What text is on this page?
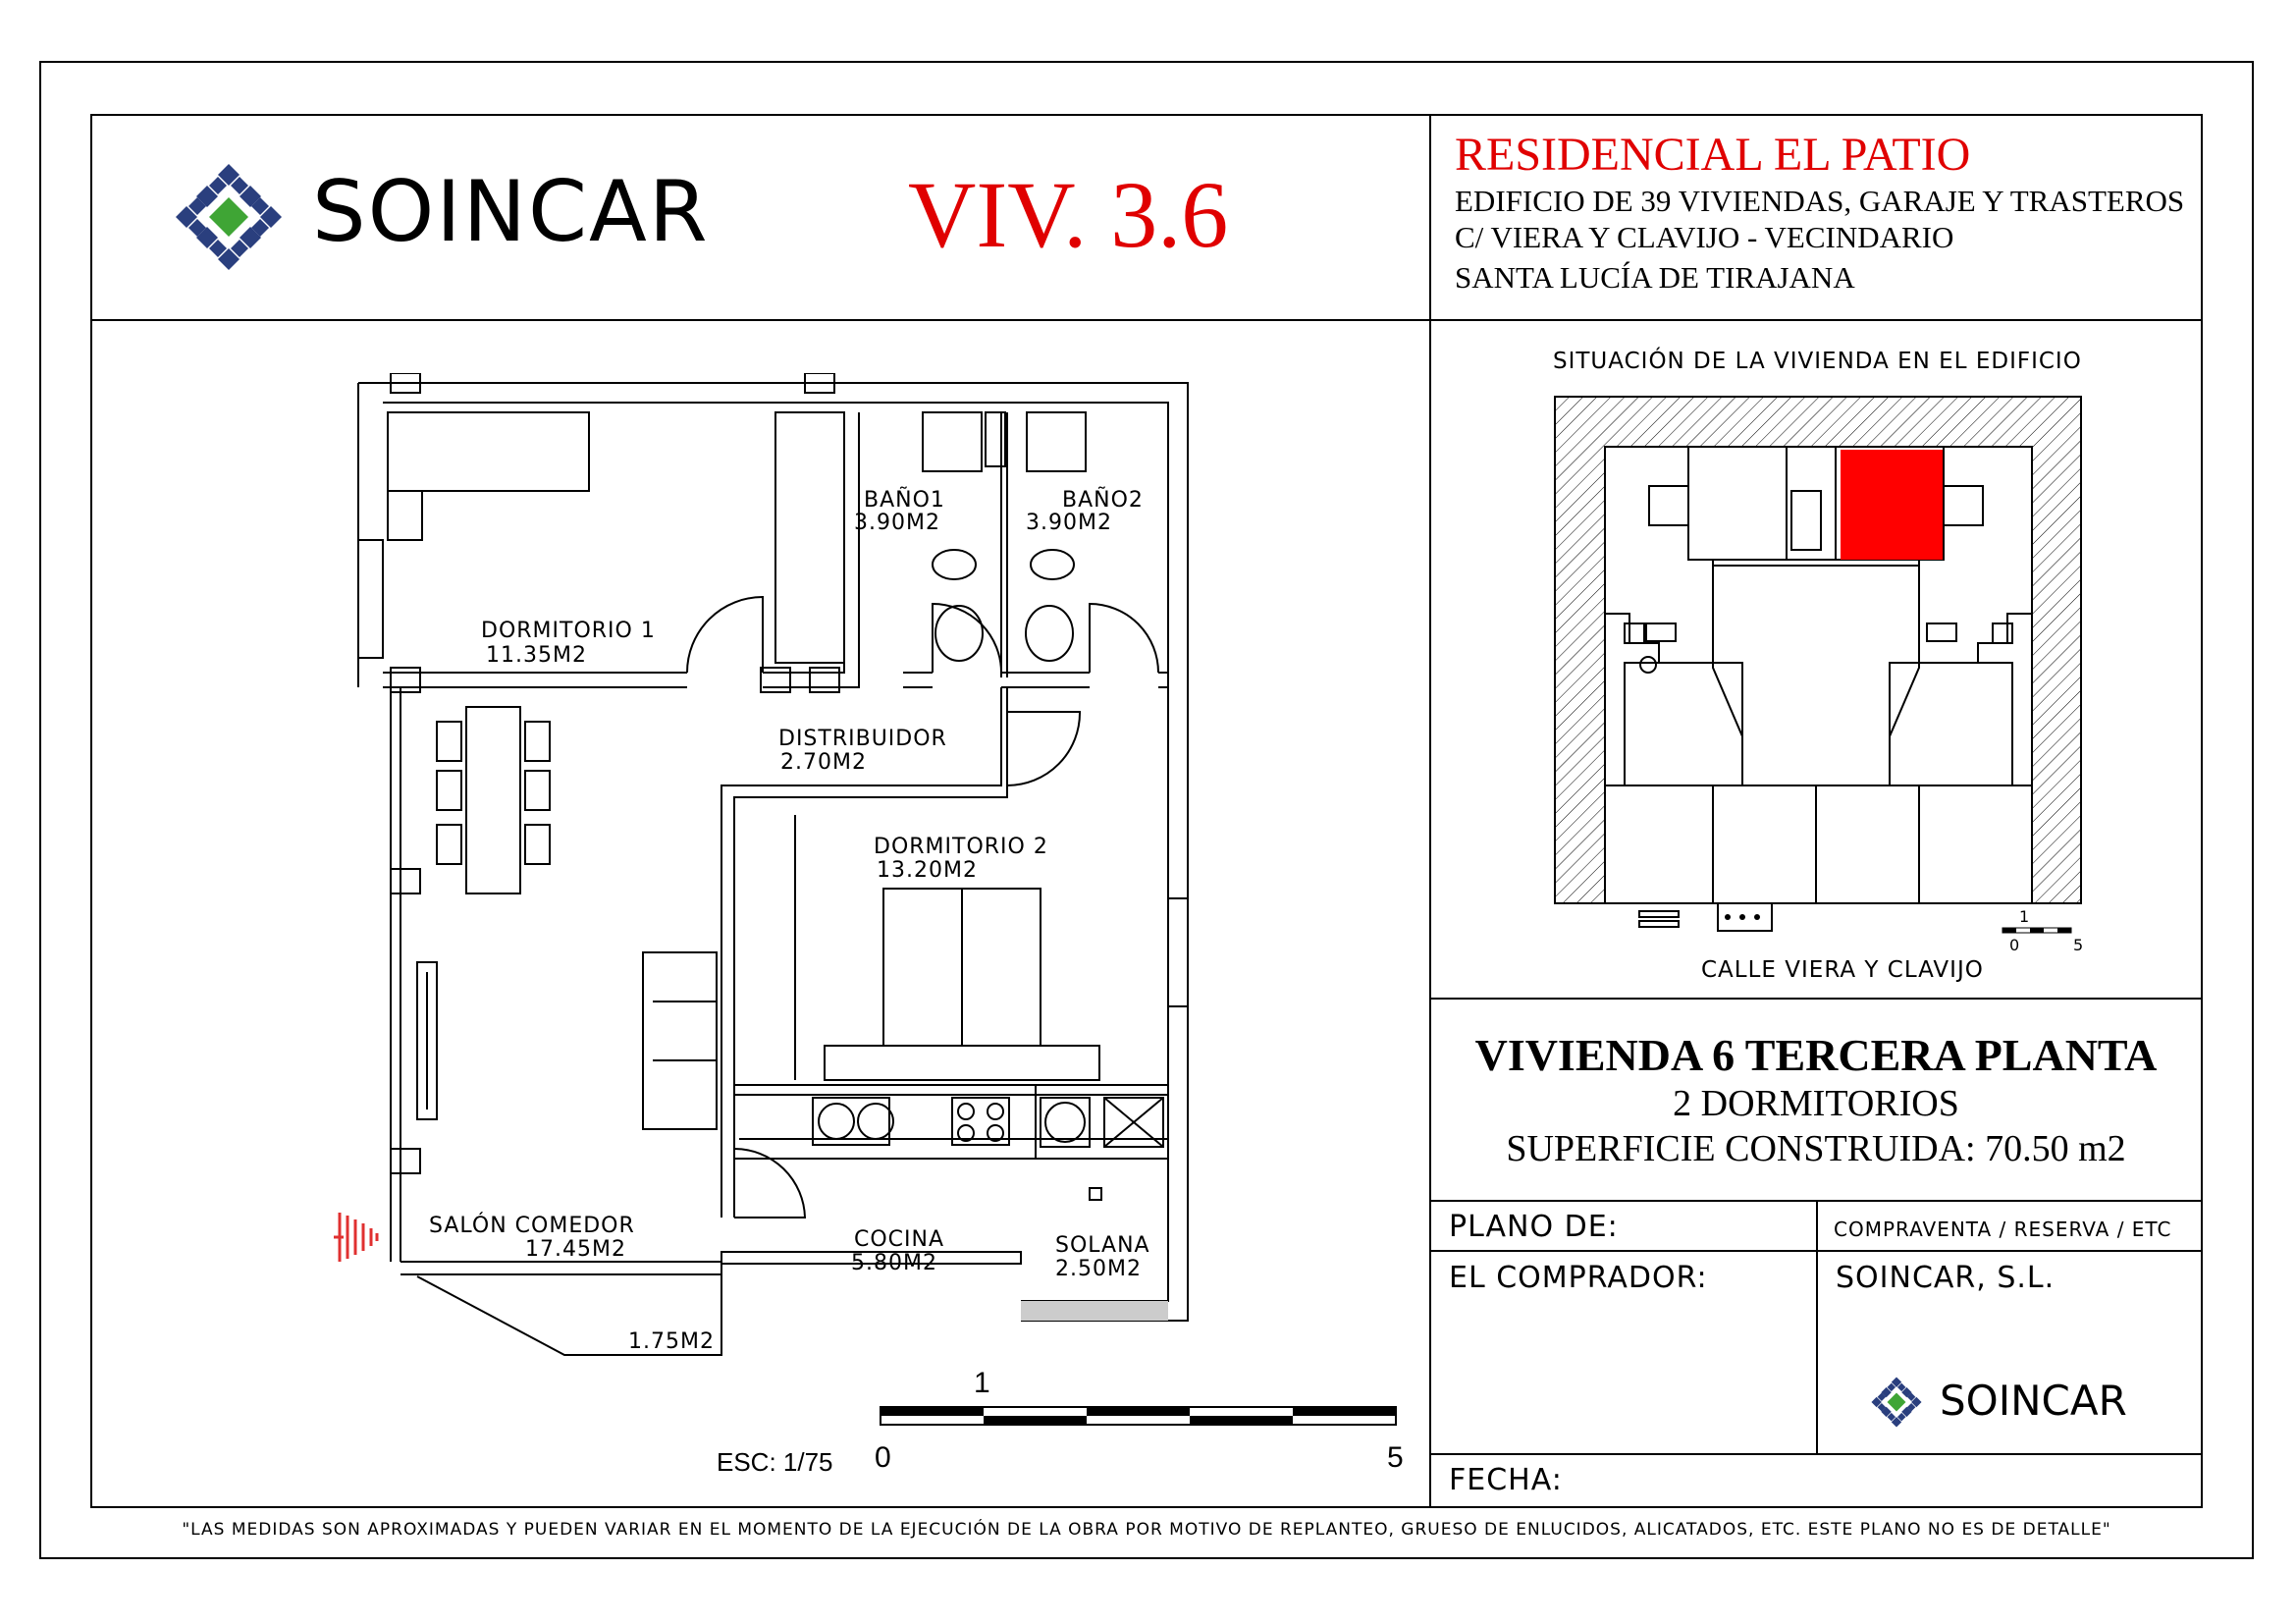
SOINCAR VIV. 3.6
RESIDENCIAL EL PATIO
EDIFICIO DE 39 VIVIENDAS, GARAJE Y TRASTEROS
C/ VIERA Y CLAVIJO - VECINDARIO
SANTA LUCÍA DE TIRAJANA
SITUACIÓN DE LA VIVIENDA EN EL EDIFICIO
1
0	5
CALLE VIERA Y CLAVIJO
VIVIENDA 6 TERCERA PLANTA
2 DORMITORIOS
SUPERFICIE CONSTRUIDA: 70.50 m2
PLANO DE:	COMPRAVENTA / RESERVA / ETC
EL COMPRADOR:	SOINCAR, S.L.
SOINCAR
FECHA:
"LAS MEDIDAS SON APROXIMADAS Y PUEDEN VARIAR EN EL MOMENTO DE LA EJECUCIÓN DE LA OBRA POR MOTIVO DE REPLANTEO, GRUESO DE ENLUCIDOS, ALICATADOS, ETC. ESTE PLANO NO ES DE DETALLE"
DORMITORIO 1
11.35M2
BAÑO1
3.90M2
BAÑO2
3.90M2
DISTRIBUIDOR
2.70M2
DORMITORIO 2
13.20M2
SALÓN COMEDOR
17.45M2	COCINA
5.80M2
SOLANA
2.50M2
1.75M2
1
ESC: 1/75 0	5
